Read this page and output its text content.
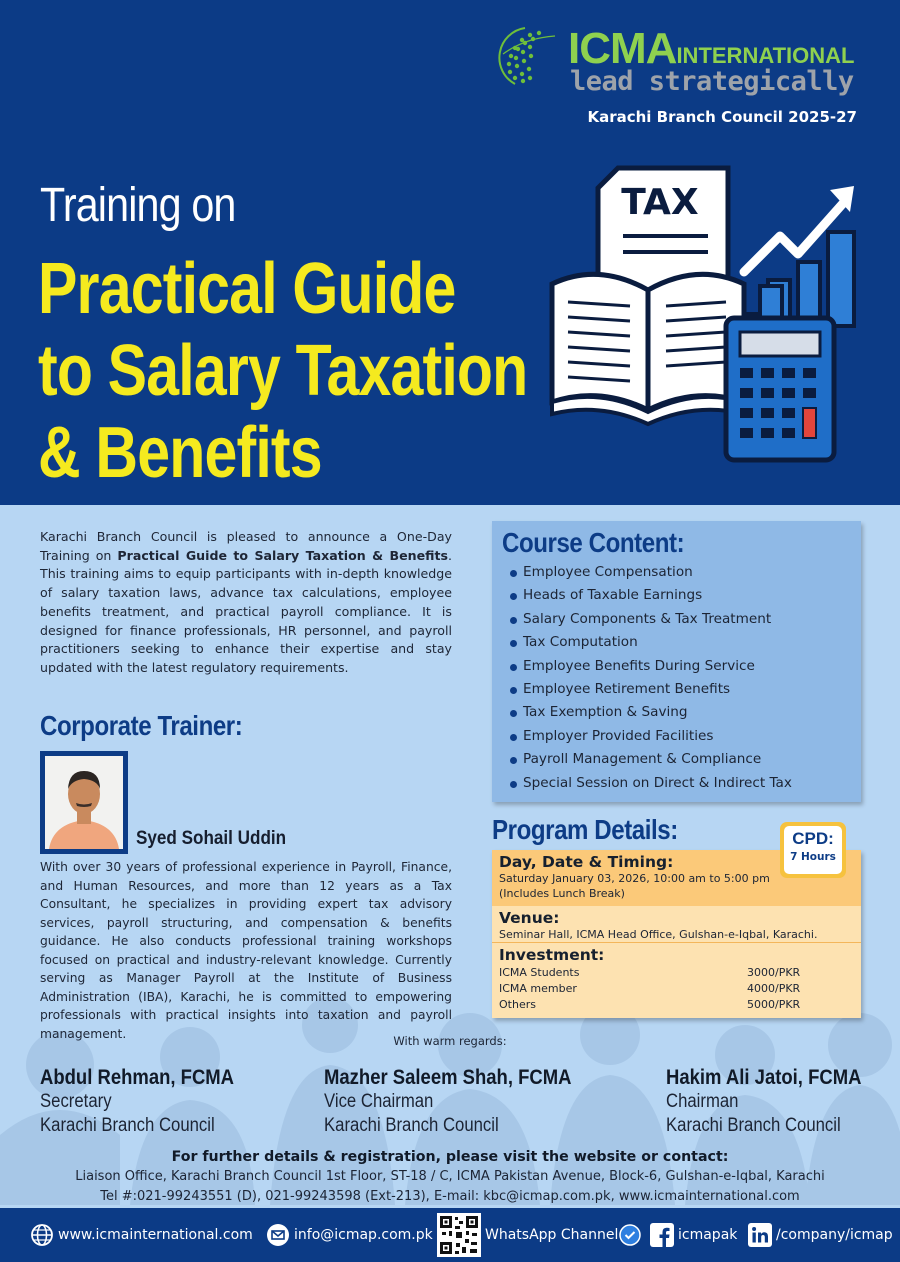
ICMAINTERNATIONAL
lead strategically
Karachi Branch Council 2025-27
Training on
Practical Guide
to Salary Taxation
& Benefits
TAX

Karachi Branch Council is pleased to announce a One-Day Training on Practical Guide to Salary Taxation & Benefits. This training aims to equip participants with in-depth knowledge of salary taxation laws, advance tax calculations, employee benefits treatment, and practical payroll compliance. It is designed for finance professionals, HR personnel, and payroll practitioners seeking to enhance their expertise and stay updated with the latest regulatory requirements.

Course Content:
Employee Compensation
Heads of Taxable Earnings
Salary Components & Tax Treatment
Tax Computation
Employee Benefits During Service
Employee Retirement Benefits
Tax Exemption & Saving
Employer Provided Facilities
Payroll Management & Compliance
Special Session on Direct & Indirect Tax
Corporate Trainer:
Syed Sohail Uddin

With over 30 years of professional experience in Payroll, Finance, and Human Resources, and more than 12 years as a Tax Consultant, he specializes in providing expert tax advisory services, payroll structuring, and compensation & benefits guidance. He also conducts professional training workshops focused on practical and industry-relevant knowledge. Currently serving as Manager Payroll at the Institute of Business Administration (IBA), Karachi, he is committed to empowering professionals with practical insights into taxation and payroll management.

Program Details:
Day, Date & Timing:
Saturday January 03, 2026, 10:00 am to 5:00 pm
(Includes Lunch Break)
Venue:
Seminar Hall, ICMA Head Office, Gulshan-e-Iqbal, Karachi.
Investment:
ICMA Students	3000/PKR
ICMA member	4000/PKR
Others	5000/PKR
CPD:
7 Hours
With warm regards:
Abdul Rehman, FCMA
Secretary
Karachi Branch Council
Mazher Saleem Shah, FCMA
Vice Chairman
Karachi Branch Council
Hakim Ali Jatoi, FCMA
Chairman
Karachi Branch Council
For further details & registration, please visit the website or contact:
Liaison Office, Karachi Branch Council 1st Floor, ST-18 / C, ICMA Pakistan Avenue, Block-6, Gulshan-e-Iqbal, Karachi
Tel #:021-99243551 (D), 021-99243598 (Ext-213), E-mail: kbc@icmap.com.pk, www.icmainternational.com
www.icmainternational.com	info@icmap.com.pk	WhatsApp Channel	icmapak	/company/icmap
